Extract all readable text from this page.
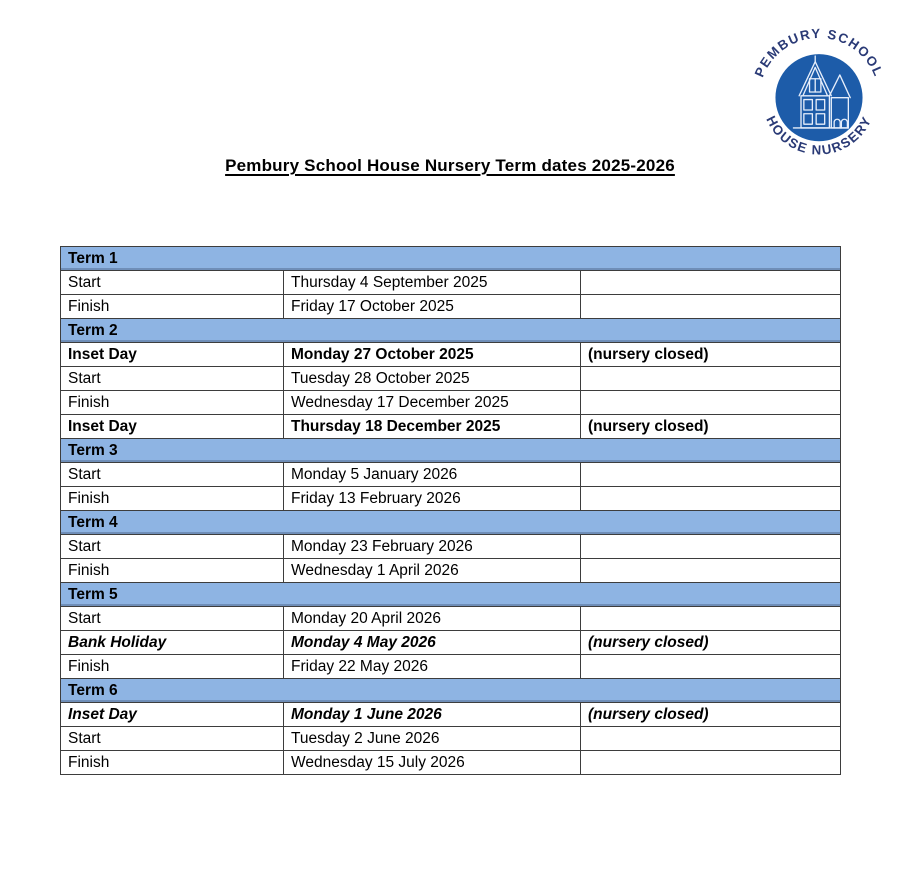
PEMBURY SCHOOL
HOUSE NURSERY
Pembury School House Nursery Term dates 2025-2026
Term 1		
Start	Thursday 4 September 2025	
Finish	Friday 17 October 2025	
Term 2		
Inset Day	Monday 27 October 2025	(nursery closed)
Start	Tuesday 28 October 2025	
Finish	Wednesday 17 December 2025	
Inset Day	Thursday 18 December 2025	(nursery closed)
Term 3		
Start	Monday 5 January 2026	
Finish	Friday 13 February 2026	
Term 4		
Start	Monday 23 February 2026	
Finish	Wednesday 1 April 2026	
Term 5		
Start	Monday 20 April 2026	
Bank Holiday	Monday 4 May 2026	(nursery closed)
Finish	Friday 22 May 2026	
Term 6		
Inset Day	Monday 1 June 2026	(nursery closed)
Start	Tuesday 2 June 2026	
Finish	Wednesday 15 July 2026	
